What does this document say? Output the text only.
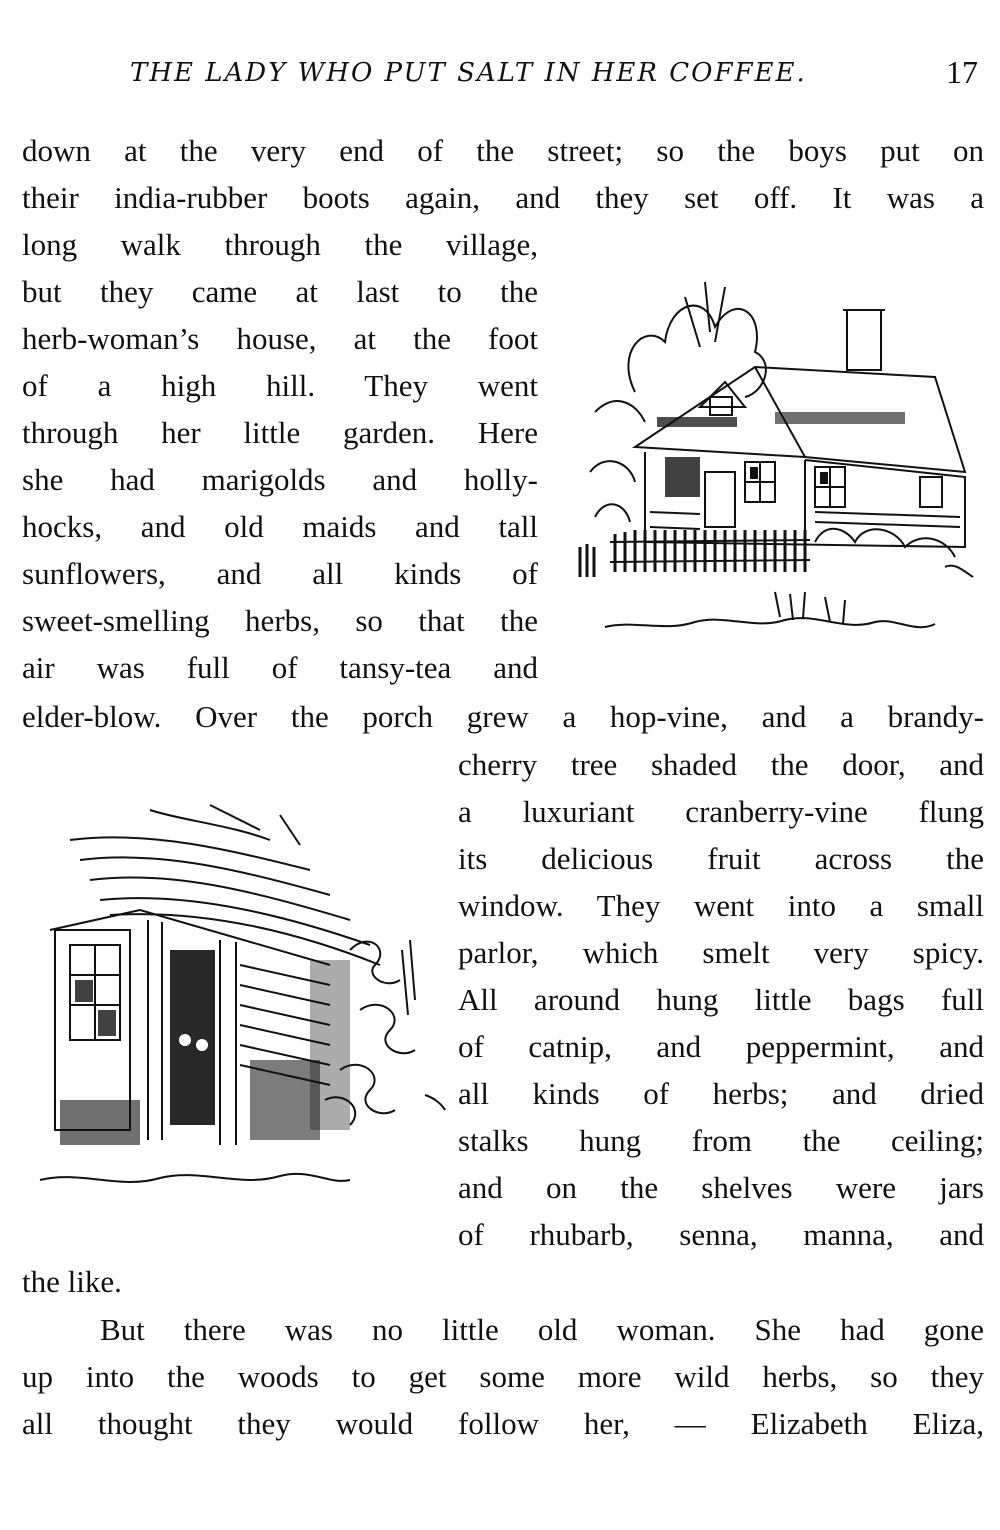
THE LADY WHO PUT SALT IN HER COFFEE.	17
down at the very end of the street; so the boys put on
their india-rubber boots again, and they set off. It was a
long walk through the village,
but they came at last to the
herb-woman’s house, at the foot
of a high hill. They went
through her little garden. Here
she had marigolds and holly-
hocks, and old maids and tall
sunflowers, and all kinds of
sweet-smelling herbs, so that the
air was full of tansy-tea and
elder-blow. Over the porch grew a hop-vine, and a brandy-
cherry tree shaded the door, and
a luxuriant cranberry-vine flung
its delicious fruit across the
window. They went into a small
parlor, which smelt very spicy.
All around hung little bags full
of catnip, and peppermint, and
all kinds of herbs; and dried
stalks hung from the ceiling;
and on the shelves were jars
of rhubarb, senna, manna, and
the like.
But there was no little old woman. She had gone
up into the woods to get some more wild herbs, so they
all thought they would follow her, — Elizabeth Eliza,
